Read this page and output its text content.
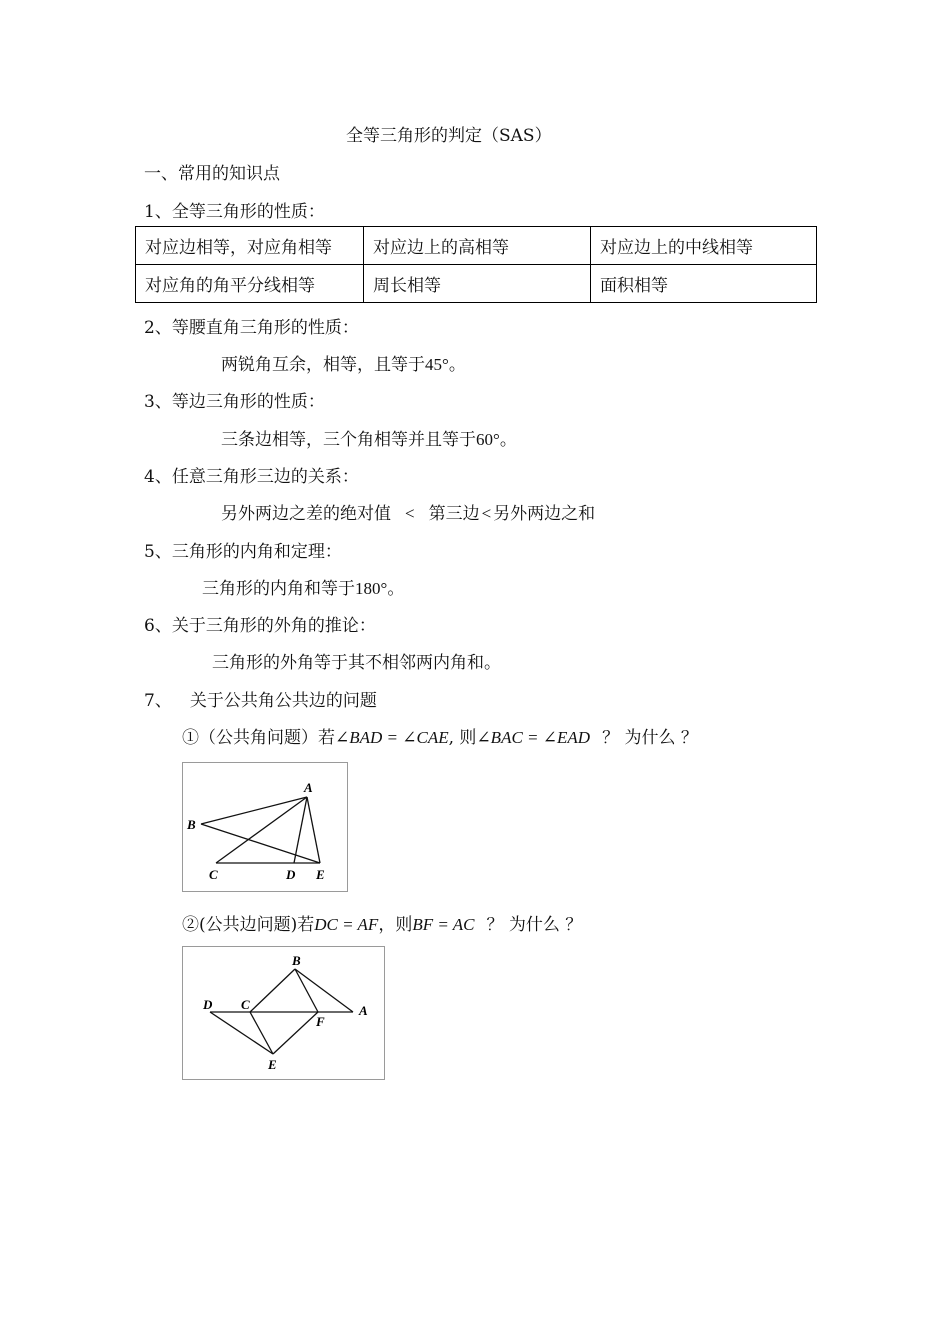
全等三角形的判定（SAS）
一、常用的知识点
1、全等三角形的性质：
对应边相等，对应角相等	对应边上的高相等	对应边上的中线相等
对应角的角平分线相等	周长相等	面积相等
2、等腰直角三角形的性质：
两锐角互余，相等，且等于45°。
3、等边三角形的性质：
三条边相等，三个角相等并且等于60°。
4、任意三角形三边的关系：
另外两边之差的绝对值 < 第三边 < 另外两边之和
5、三角形的内角和定理：
三角形的内角和等于180°。
6、关于三角形的外角的推论：
三角形的外角等于其不相邻两内角和。
7、 关于公共角公共边的问题
①（公共角问题）若∠BAD = ∠CAE, 则∠BAC = ∠EAD ？ 为什么 ？
A
B
C	D E
②(公共边问题)若DC = AF，则BF = AC ？ 为什么 ？
B
D C	A
F
E
